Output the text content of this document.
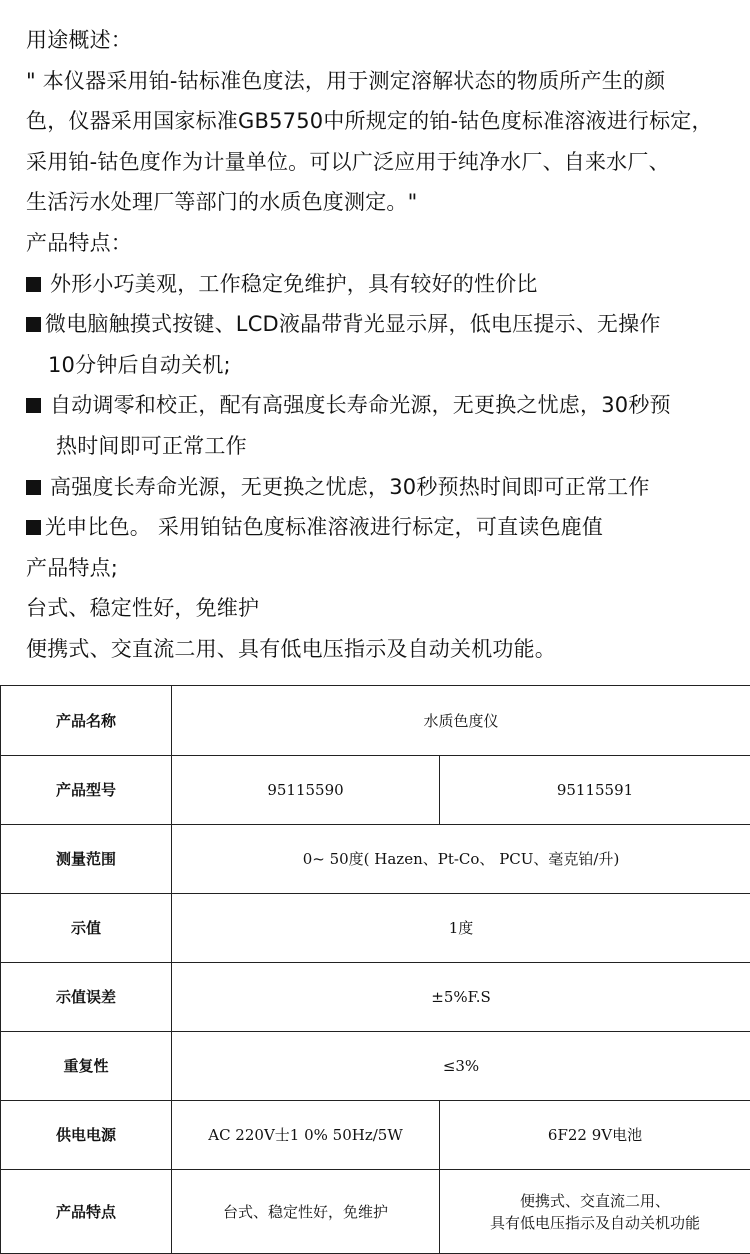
用途概述：
" 本仪器采用铂-钴标准色度法，用于测定溶解状态的物质所产生的颜
色，仪器采用国家标准GB5750中所规定的铂-钴色度标准溶液进行标定，
采用铂-钴色度作为计量单位。可以广泛应用于纯净水厂、自来水厂、
生活污水处理厂等部门的水质色度测定。"
产品特点：
外形小巧美观，工作稳定免维护，具有较好的性价比
微电脑触摸式按键、LCD液晶带背光显示屏，低电压提示、无操作
10分钟后自动关机;
自动调零和校正，配有高强度长寿命光源，无更换之忧虑，30秒预
热时间即可正常工作
高强度长寿命光源，无更换之忧虑，30秒预热时间即可正常工作
光申比色。 采用铂钴色度标准溶液进行标定，可直读色鹿值
产品特点;
台式、稳定性好，免维护
便携式、交直流二用、具有低电压指示及自动关机功能。
产品名称	水质色度仪	
产品型号	95115590	95115591
测量范围	0~ 50度( Hazen、Pt-Co、 PCU、毫克铂/升)	
示值	1度	
示值误差	±5%F.S	
重复性	≤3%	
供电电源	AC 220V士1 0% 50Hz/5W	6F22 9V电池
产品特点	台式、稳定性好，免维护	便携式、交直流二用、
具有低电压指示及自动关机功能
